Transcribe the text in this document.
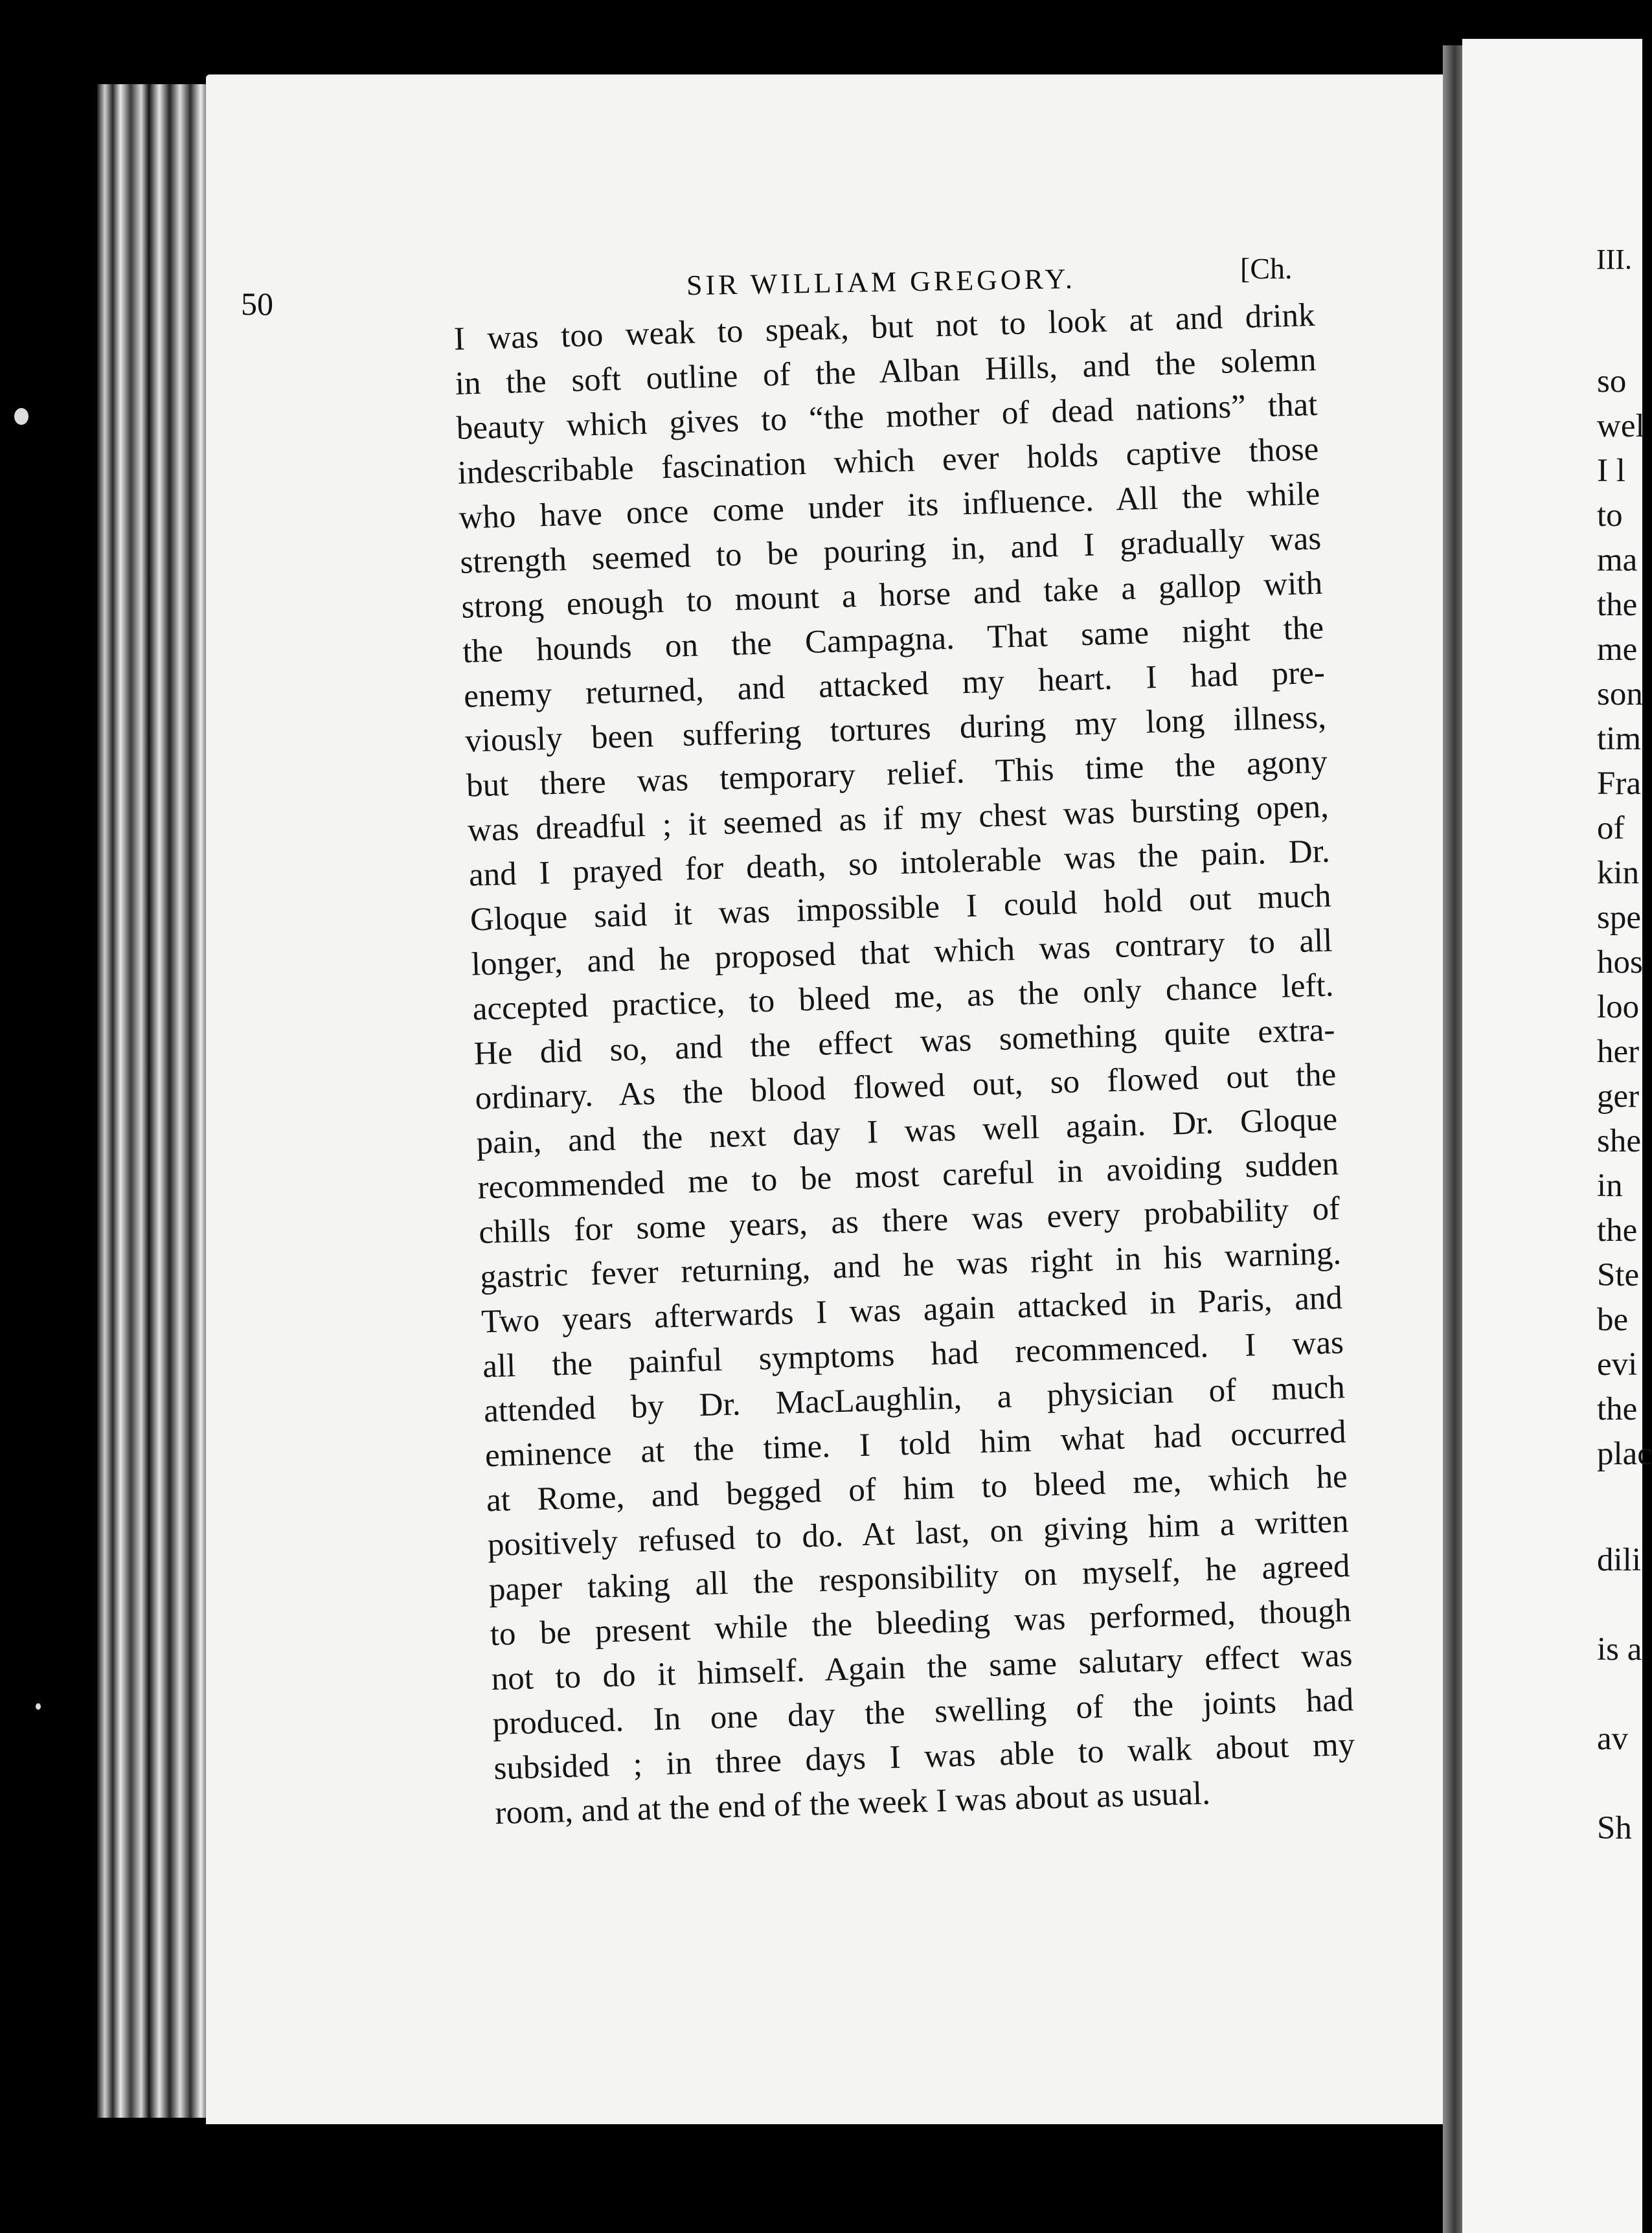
50
SIR WILLIAM GREGORY.	[Ch.
I was too weak to speak, but not to look at and drink
in the soft outline of the Alban Hills, and the solemn
beauty which gives to “the mother of dead nations” that
indescribable fascination which ever holds captive those
who have once come under its influence. All the while
strength seemed to be pouring in, and I gradually was
strong enough to mount a horse and take a gallop with
the hounds on the Campagna. That same night the
enemy returned, and attacked my heart. I had pre-
viously been suffering tortures during my long illness,
but there was temporary relief. This time the agony
was dreadful ; it seemed as if my chest was bursting open,
and I prayed for death, so intolerable was the pain. Dr.
Gloque said it was impossible I could hold out much
longer, and he proposed that which was contrary to all
accepted practice, to bleed me, as the only chance left.
He did so, and the effect was something quite extra-
ordinary. As the blood flowed out, so flowed out the
pain, and the next day I was well again. Dr. Gloque
recommended me to be most careful in avoiding sudden
chills for some years, as there was every probability of
gastric fever returning, and he was right in his warning.
Two years afterwards I was again attacked in Paris, and
all the painful symptoms had recommenced. I was
attended by Dr. MacLaughlin, a physician of much
eminence at the time. I told him what had occurred
at Rome, and begged of him to bleed me, which he
positively refused to do. At last, on giving him a written
paper taking all the responsibility on myself, he agreed
to be present while the bleeding was performed, though
not to do it himself. Again the same salutary effect was
produced. In one day the swelling of the joints had
subsided ; in three days I was able to walk about my
room, and at the end of the week I was about as usual.
III.
so
wel
I l
to
ma
the
me
son
tim
Fra
of
kin
spe
hos
loo
her
ger
she
in
the
Ste
be
evi
the
plac
dili
is a
av
Sh
